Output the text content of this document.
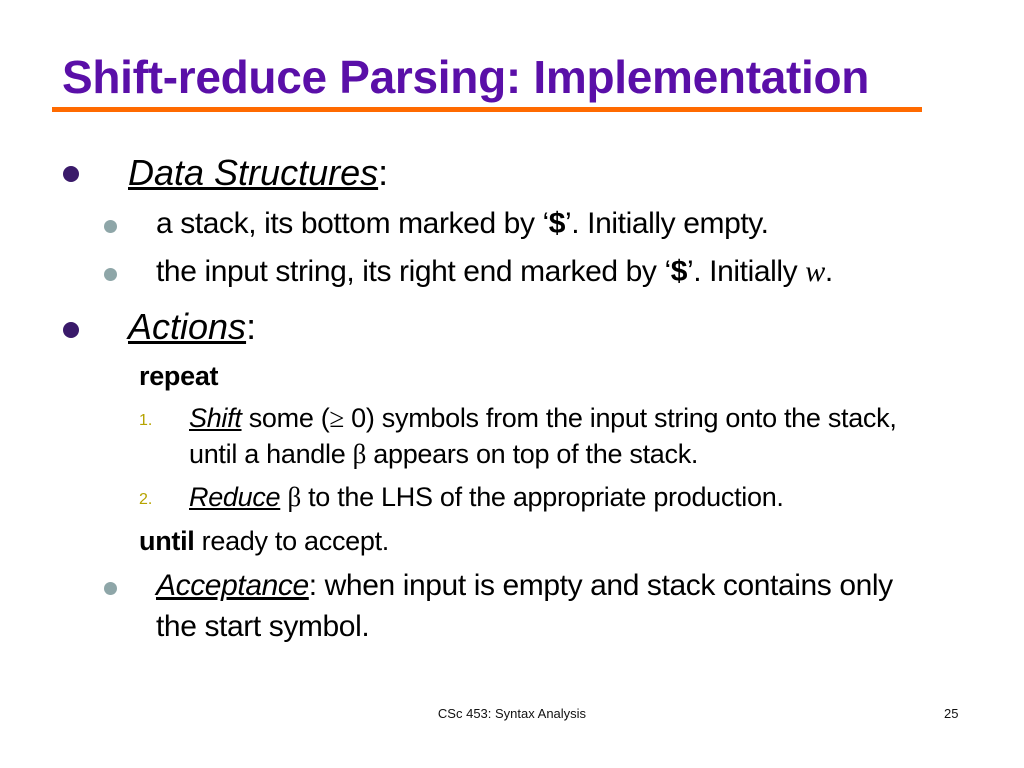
Shift-reduce Parsing: Implementation
Data Structures:
a stack, its bottom marked by ‘$’. Initially empty.
the input string, its right end marked by ‘$’. Initially w.
Actions:
repeat
1. Shift some (≥ 0) symbols from the input string onto the stack,
until a handle β appears on top of the stack.
2. Reduce β to the LHS of the appropriate production.
until ready to accept.
Acceptance: when input is empty and stack contains only
the start symbol.
CSc 453: Syntax Analysis	25
